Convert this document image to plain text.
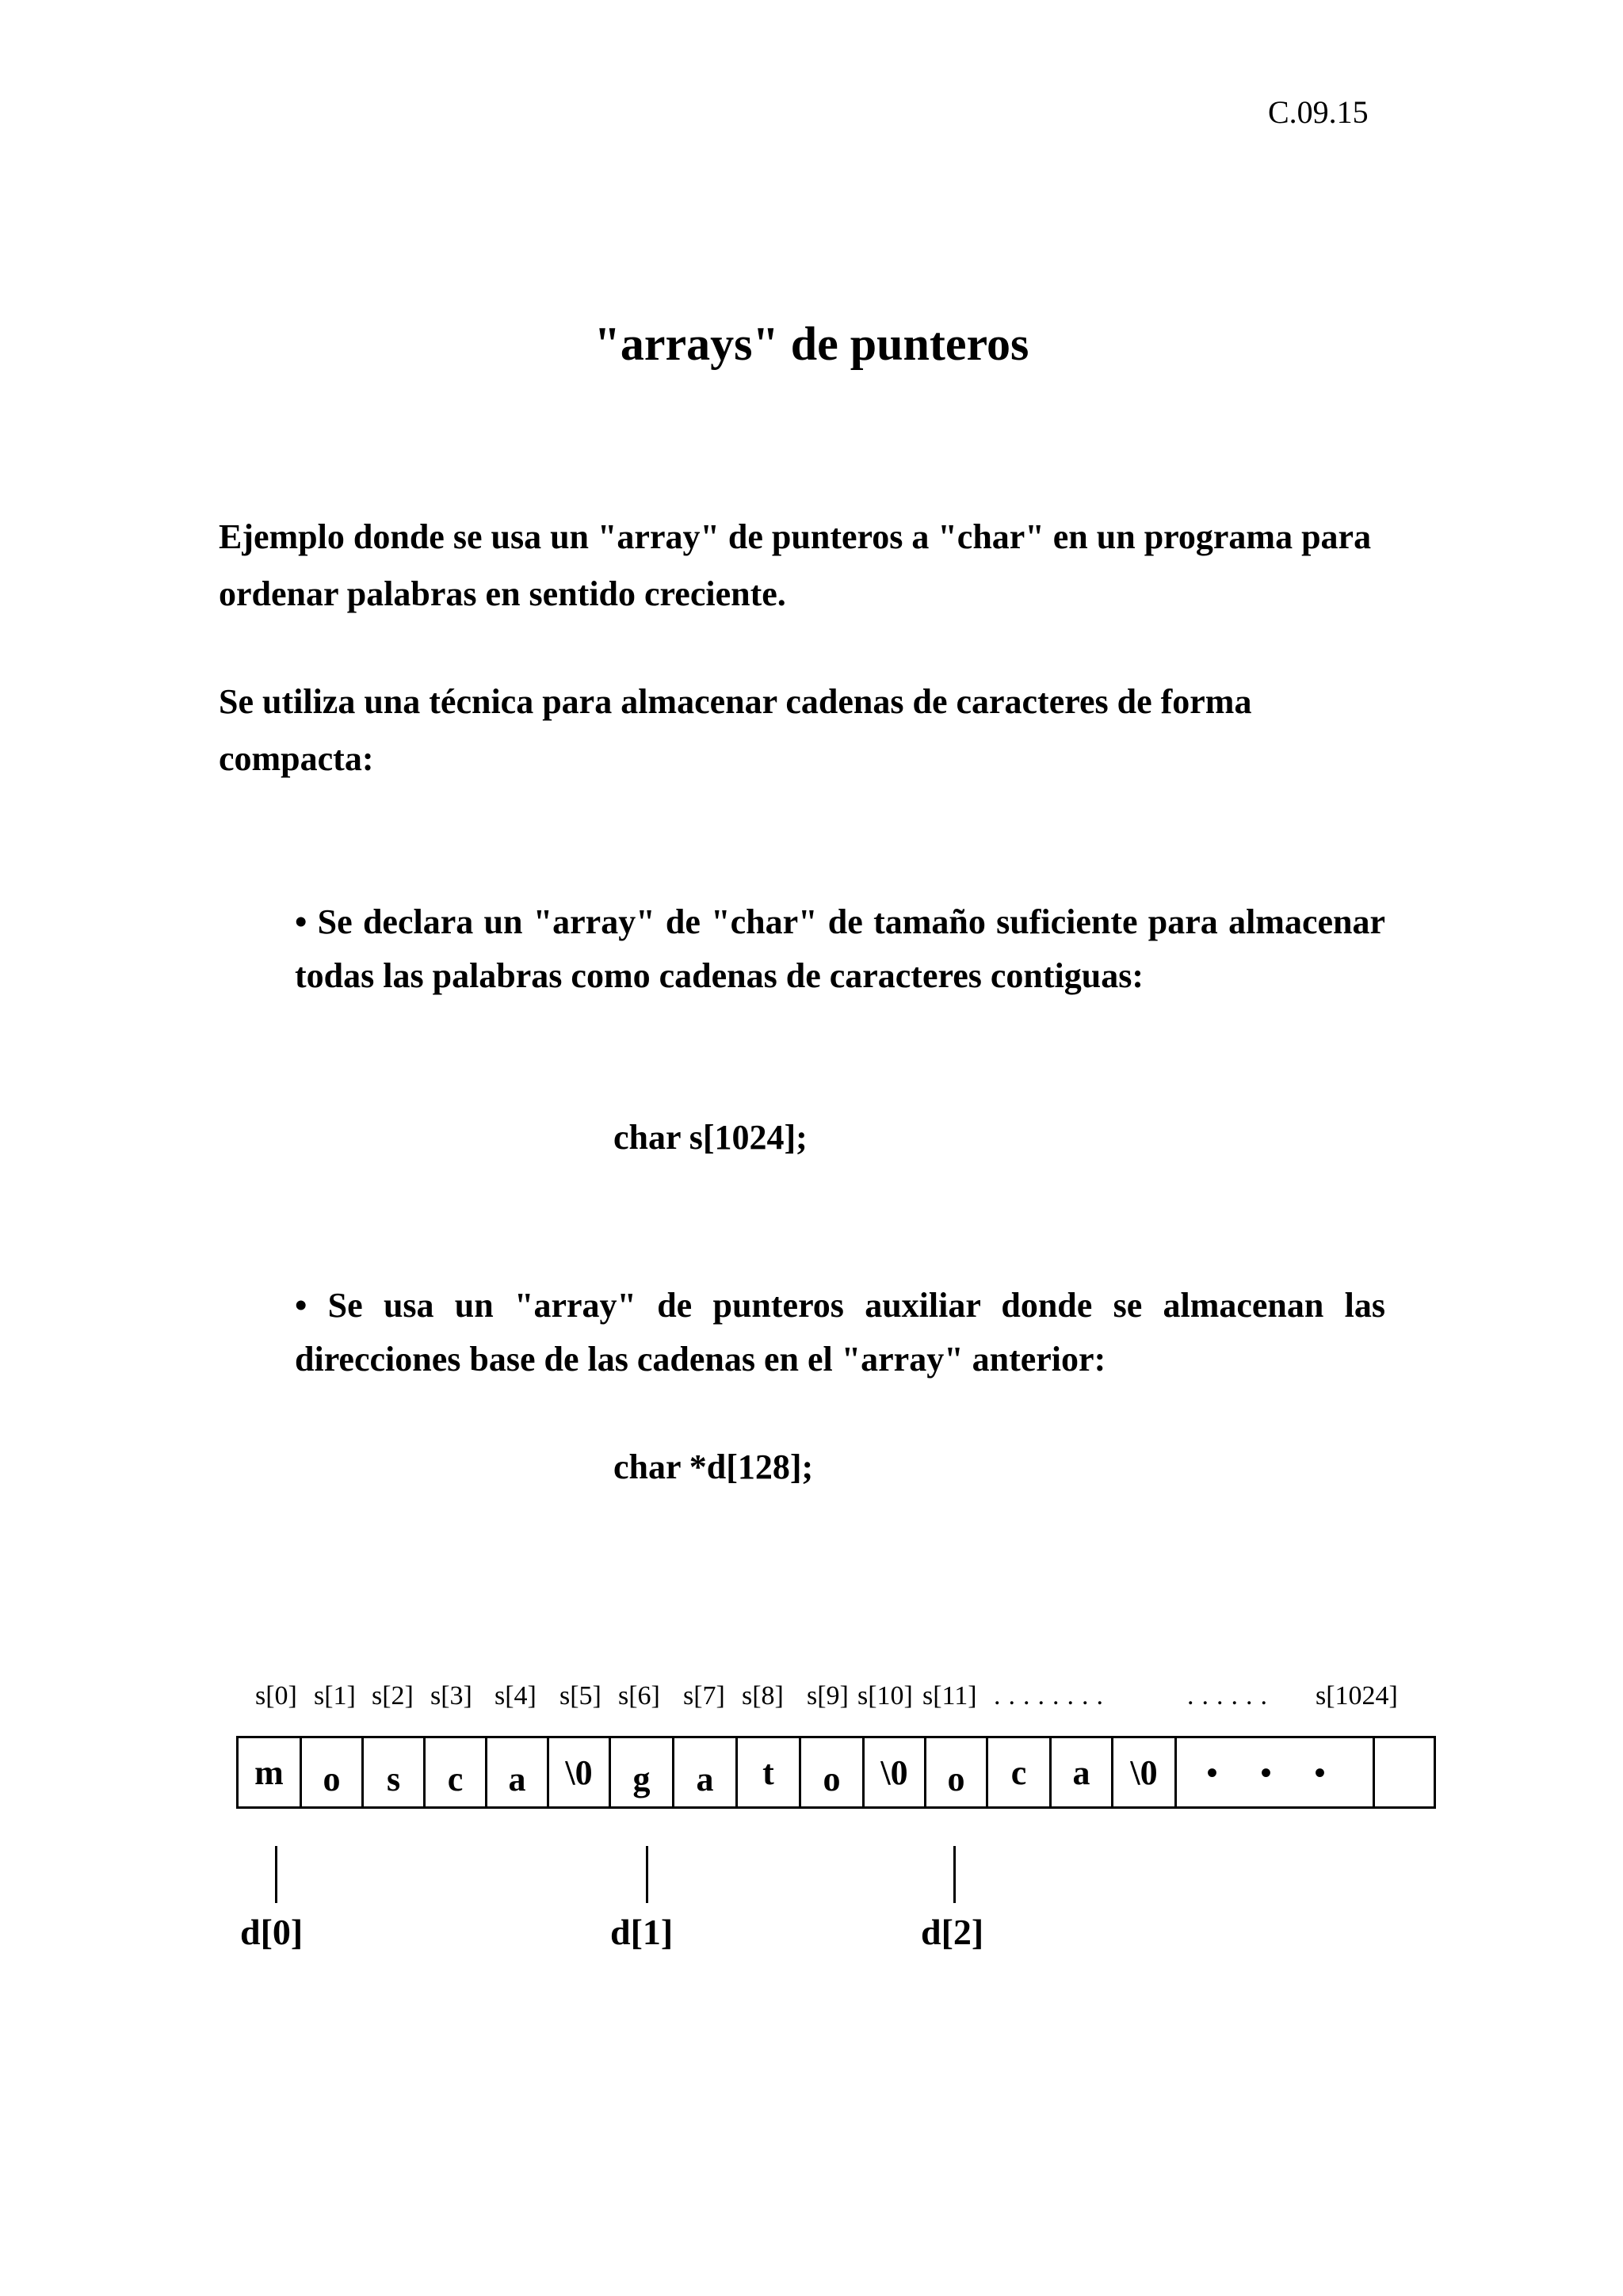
C.09.15
"arrays" de punteros

Ejemplo donde se usa un "array" de punteros a "char" en un programa para ordenar palabras en sentido creciente.

Se utiliza una técnica para almacenar cadenas de caracteres de forma compacta:

• Se declara un "array" de "char" de tamaño suficiente para almacenar todas las palabras como cadenas de caracteres contiguas:

char s[1024];

• Se usa un "array" de punteros auxiliar donde se almacenan las direcciones base de las cadenas en el "array" anterior:

char *d[128];
s[0] s[1] s[2] s[3] s[4] s[5] s[6] s[7] s[8] s[9] s[10] s[11] ........	...... s[1024]
m	o	s	c	a	\0	g	a	t	o	\0	o	c	a	\0	• • •
d[0]	d[1]	d[2]
